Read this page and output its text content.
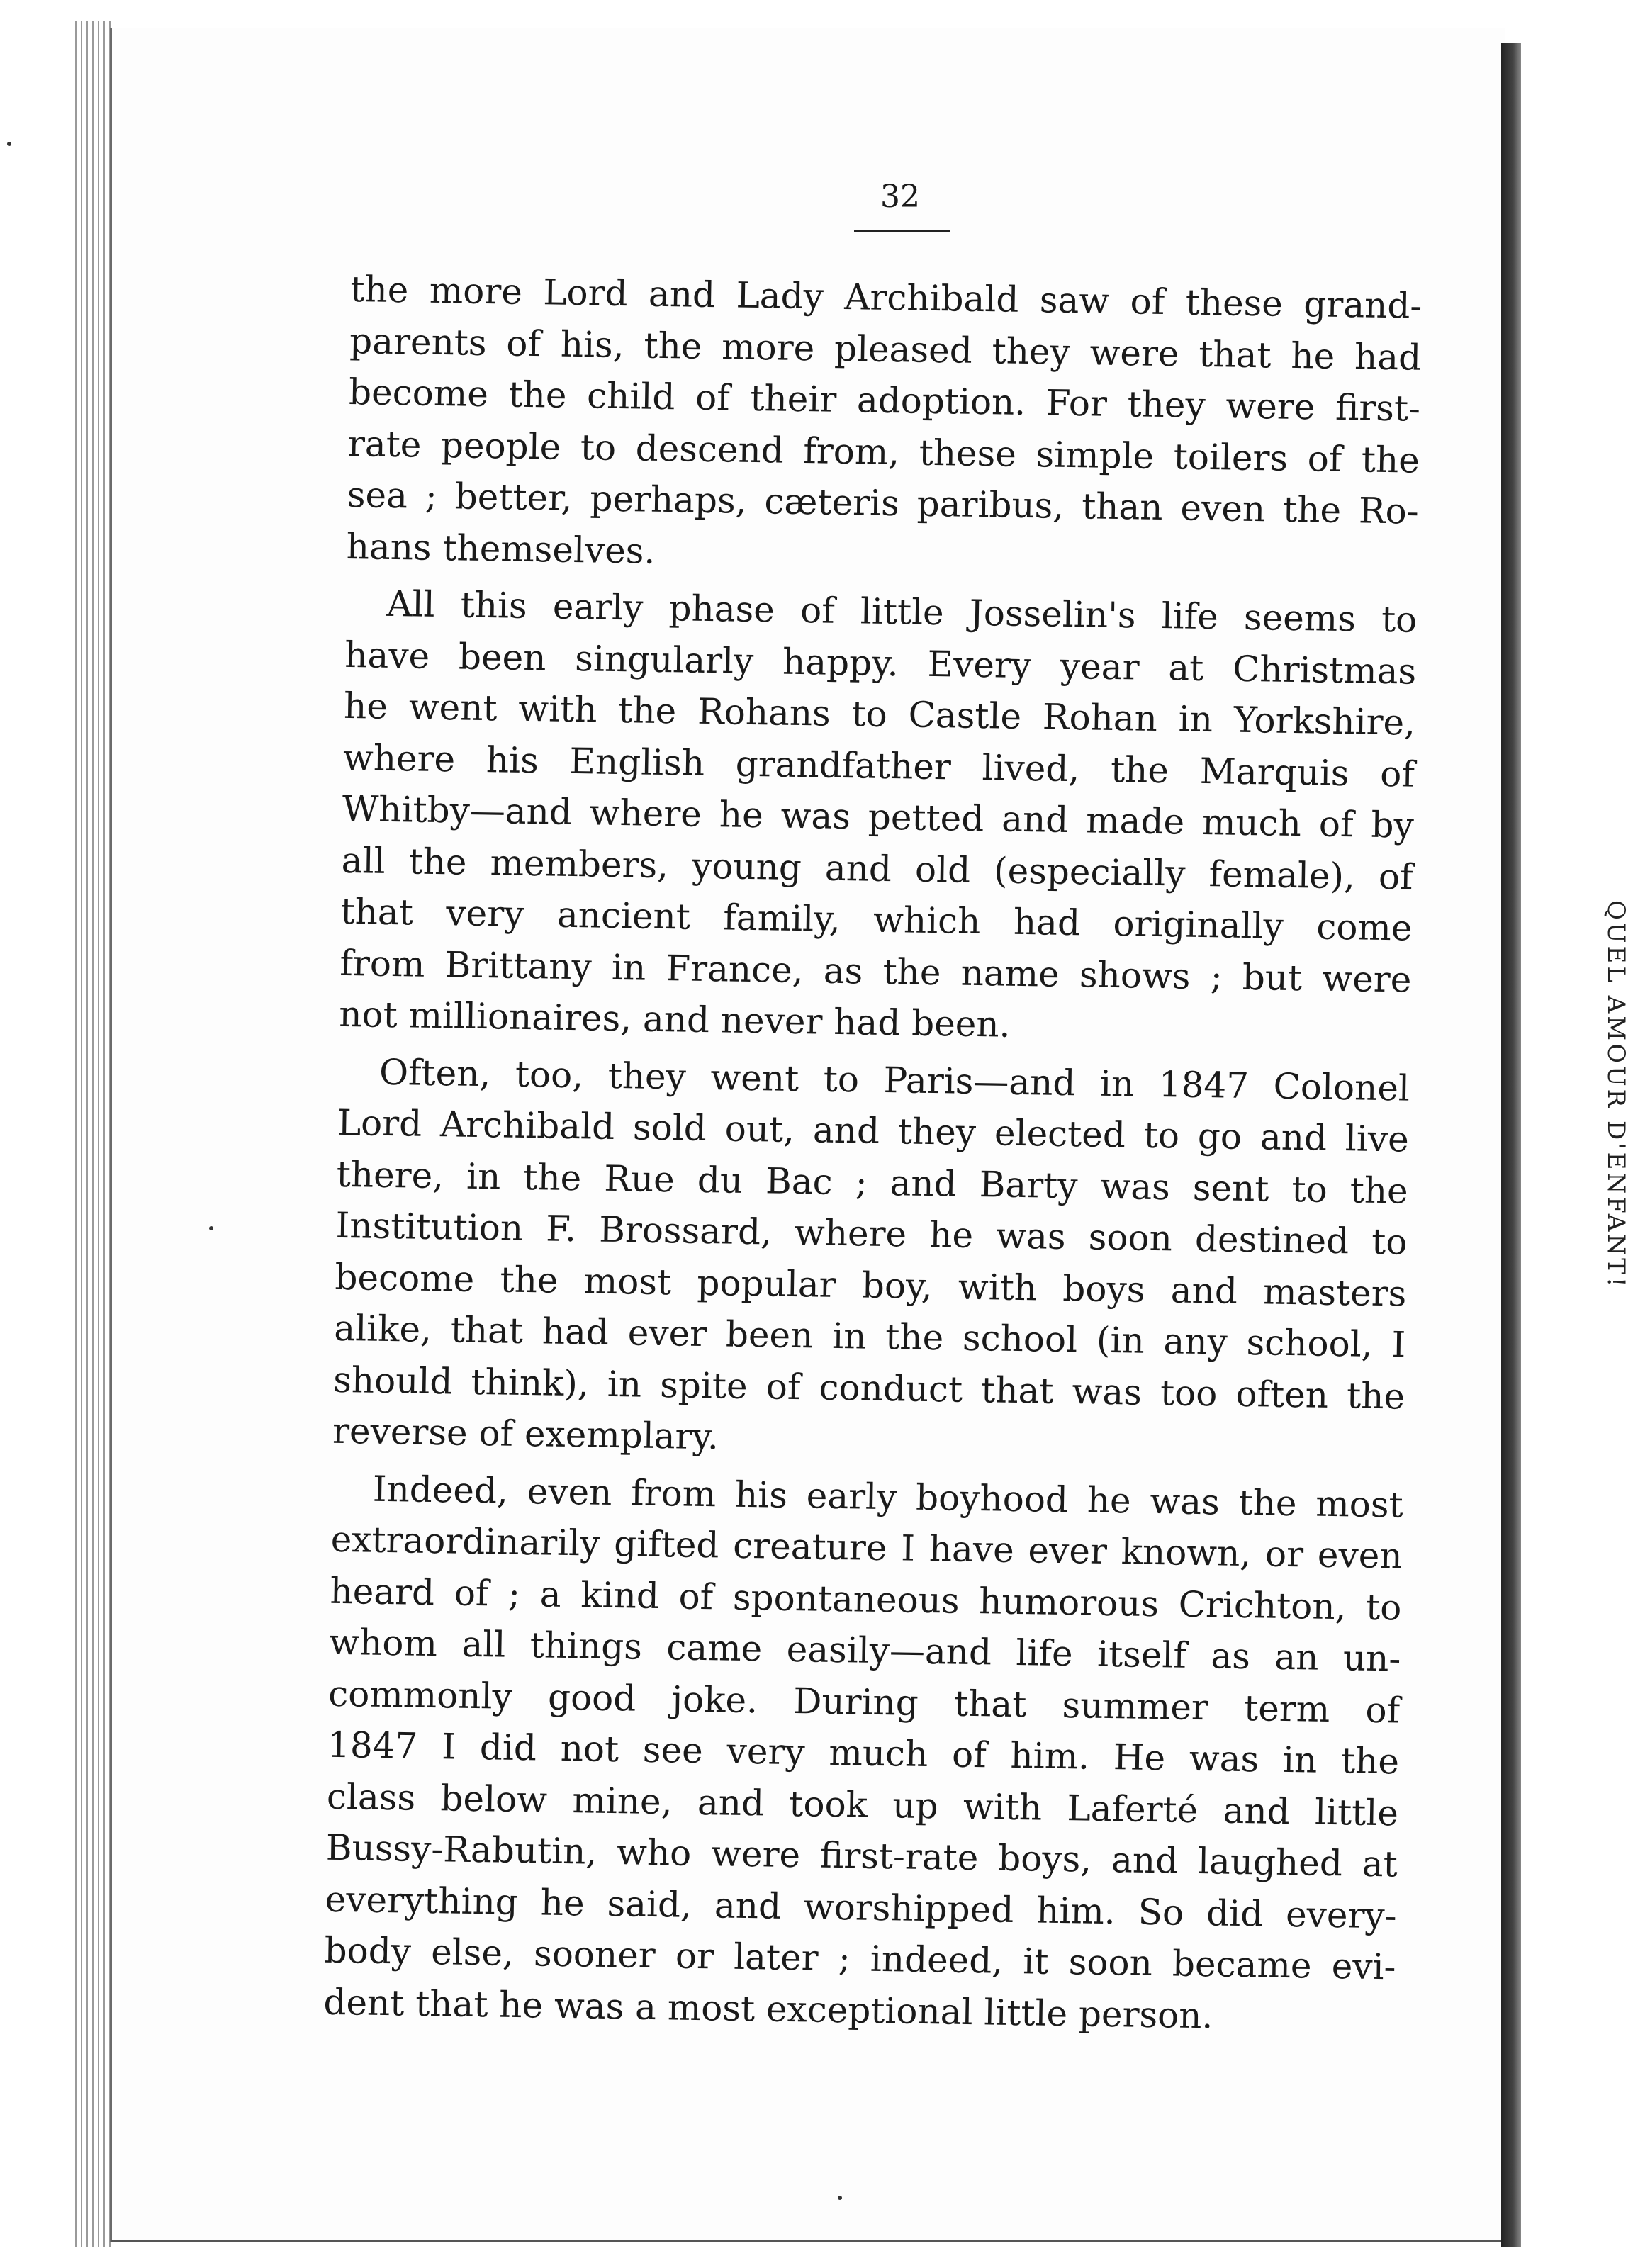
QUEL AMOUR D'ENFANT!
32
the more Lord and Lady Archibald saw of these grand-
parents of his, the more pleased they were that he had
become the child of their adoption. For they were first-
rate people to descend from, these simple toilers of the
sea ; better, perhaps, cæteris paribus, than even the Ro-
hans themselves.
All this early phase of little Josselin's life seems to
have been singularly happy. Every year at Christmas
he went with the Rohans to Castle Rohan in Yorkshire,
where his English grandfather lived, the Marquis of
Whitby—and where he was petted and made much of by
all the members, young and old (especially female), of
that very ancient family, which had originally come
from Brittany in France, as the name shows ; but were
not millionaires, and never had been.
Often, too, they went to Paris—and in 1847 Colonel
Lord Archibald sold out, and they elected to go and live
there, in the Rue du Bac ; and Barty was sent to the
Institution F. Brossard, where he was soon destined to
become the most popular boy, with boys and masters
alike, that had ever been in the school (in any school, I
should think), in spite of conduct that was too often the
reverse of exemplary.
Indeed, even from his early boyhood he was the most
extraordinarily gifted creature I have ever known, or even
heard of ; a kind of spontaneous humorous Crichton, to
whom all things came easily—and life itself as an un-
commonly good joke. During that summer term of
1847 I did not see very much of him. He was in the
class below mine, and took up with Laferté and little
Bussy-Rabutin, who were first-rate boys, and laughed at
everything he said, and worshipped him. So did every-
body else, sooner or later ; indeed, it soon became evi-
dent that he was a most exceptional little person.
